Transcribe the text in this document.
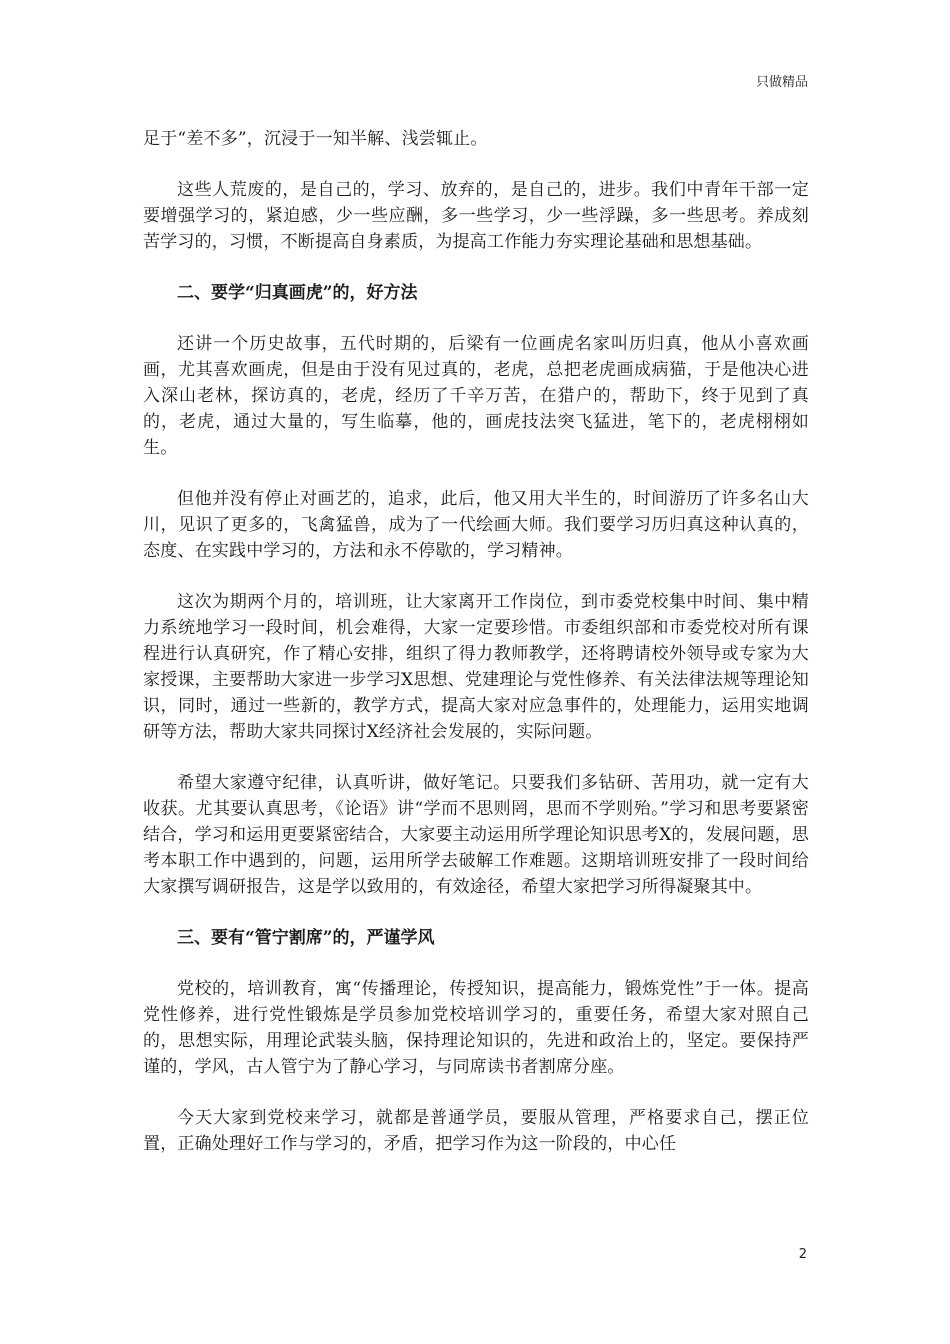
只做精品

足于“差不多”，沉浸于一知半解、浅尝辄止。

这些人荒废的，是自己的，学习、放弃的，是自己的，进步。我们中青年干部一定要增强学习的，紧迫感，少一些应酬，多一些学习，少一些浮躁，多一些思考。养成刻苦学习的，习惯，不断提高自身素质，为提高工作能力夯实理论基础和思想基础。

二、要学“归真画虎”的，好方法

还讲一个历史故事，五代时期的，后梁有一位画虎名家叫历归真，他从小喜欢画画，尤其喜欢画虎，但是由于没有见过真的，老虎，总把老虎画成病猫，于是他决心进入深山老林，探访真的，老虎，经历了千辛万苦，在猎户的，帮助下，终于见到了真的，老虎，通过大量的，写生临摹，他的，画虎技法突飞猛进，笔下的，老虎栩栩如生。

但他并没有停止对画艺的，追求，此后，他又用大半生的，时间游历了许多名山大川，见识了更多的，飞禽猛兽，成为了一代绘画大师。我们要学习历归真这种认真的，态度、在实践中学习的，方法和永不停歇的，学习精神。

这次为期两个月的，培训班，让大家离开工作岗位，到市委党校集中时间、集中精力系统地学习一段时间，机会难得，大家一定要珍惜。市委组织部和市委党校对所有课程进行认真研究，作了精心安排，组织了得力教师教学，还将聘请校外领导或专家为大家授课，主要帮助大家进一步学习X思想、党建理论与党性修养、有关法律法规等理论知识，同时，通过一些新的，教学方式，提高大家对应急事件的，处理能力，运用实地调研等方法，帮助大家共同探讨X经济社会发展的，实际问题。

希望大家遵守纪律，认真听讲，做好笔记。只要我们多钻研、苦用功，就一定有大收获。尤其要认真思考，《论语》讲“学而不思则罔，思而不学则殆。”学习和思考要紧密结合，学习和运用更要紧密结合，大家要主动运用所学理论知识思考X的，发展问题，思考本职工作中遇到的，问题，运用所学去破解工作难题。这期培训班安排了一段时间给大家撰写调研报告，这是学以致用的，有效途径，希望大家把学习所得凝聚其中。

三、要有“管宁割席”的，严谨学风

党校的，培训教育，寓“传播理论，传授知识，提高能力，锻炼党性”于一体。提高党性修养，进行党性锻炼是学员参加党校培训学习的，重要任务，希望大家对照自己的，思想实际，用理论武装头脑，保持理论知识的，先进和政治上的，坚定。要保持严谨的，学风，古人管宁为了静心学习，与同席读书者割席分座。

今天大家到党校来学习，就都是普通学员，要服从管理，严格要求自己，摆正位置，正确处理好工作与学习的，矛盾，把学习作为这一阶段的，中心任

2
